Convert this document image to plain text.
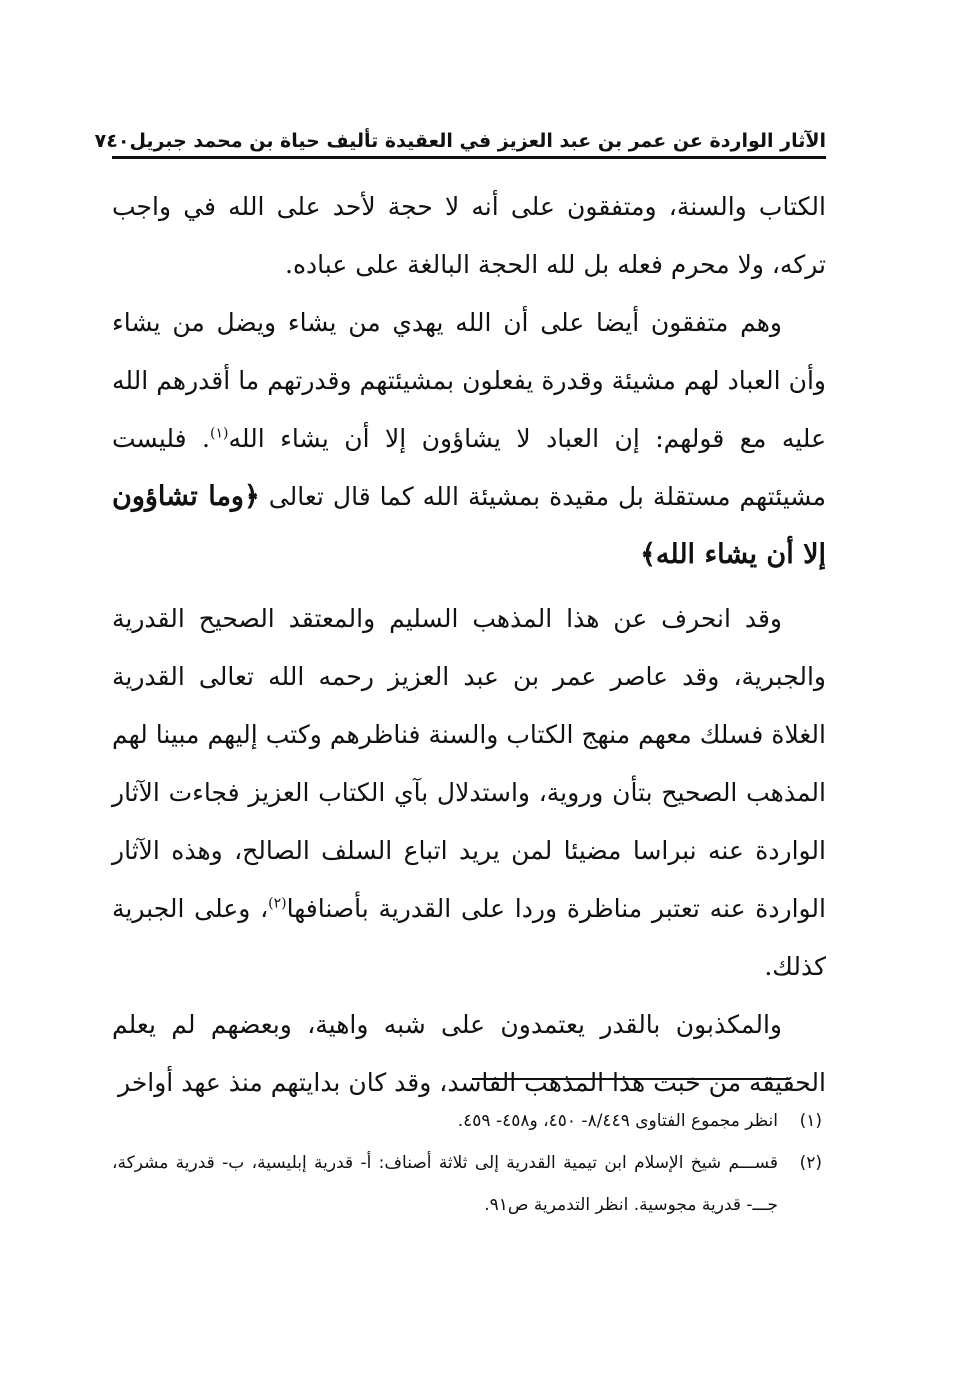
الآثار الواردة عن عمر بن عبد العزيز في العقيدة تأليف حياة بن محمد جبريل
٧٤٠

الكتاب والسنة، ومتفقون على أنه لا حجة لأحد على الله في واجب تركه، ولا محرم فعله بل لله الحجة البالغة على عباده.

وهم متفقون أيضا على أن الله يهدي من يشاء ويضل من يشاء وأن العباد لهم مشيئة وقدرة يفعلون بمشيئتهم وقدرتهم ما أقدرهم الله عليه مع قولهم: إن العباد لا يشاؤون إلا أن يشاء الله$^{(١)}$. فليست مشيئتهم مستقلة بل مقيدة بمشيئة الله كما قال تعالى ﴿وما تشاؤون إلا أن يشاء الله﴾

وقد انحرف عن هذا المذهب السليم والمعتقد الصحيح القدرية والجبرية، وقد عاصر عمر بن عبد العزيز رحمه الله تعالى القدرية الغلاة فسلك معهم منهج الكتاب والسنة فناظرهم وكتب إليهم مبينا لهم المذهب الصحيح بتأن وروية، واستدلال بآي الكتاب العزيز فجاءت الآثار الواردة عنه نبراسا مضيئا لمن يريد اتباع السلف الصالح، وهذه الآثار الواردة عنه تعتبر مناظرة وردا على القدرية بأصنافها$^{(٢)}$، وعلى الجبرية كذلك.

والمكذبون بالقدر يعتمدون على شبه واهية، وبعضهم لم يعلم الحقيقة من خبث هذا المذهب الفاسد، وقد كان بدايتهم منذ عهد أواخر

(١)
انظر مجموع الفتاوى ٨/٤٤٩- ٤٥٠، و٤٥٨- ٤٥٩.
(٢)
قســـم شيخ الإسلام ابن تيمية القدرية إلى ثلاثة أصناف: أ- قدرية إبليسية، ب- قدرية مشركة، جـــ- قدرية مجوسية. انظر التدمرية ص٩١.
